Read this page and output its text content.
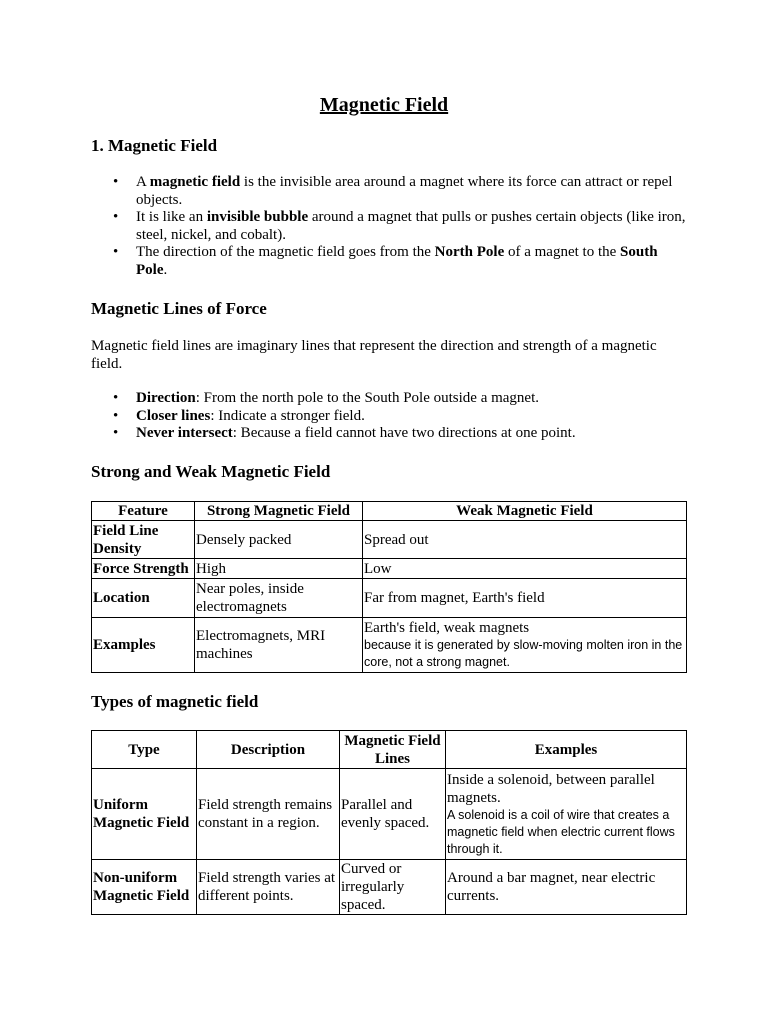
Magnetic Field
1. Magnetic Field
• A magnetic field is the invisible area around a magnet where its force can attract or repel objects.
• It is like an invisible bubble around a magnet that pulls or pushes certain objects (like iron, steel, nickel, and cobalt).
• The direction of the magnetic field goes from the North Pole of a magnet to the South Pole.
Magnetic Lines of Force
Magnetic field lines are imaginary lines that represent the direction and strength of a magnetic field.
• Direction: From the north pole to the South Pole outside a magnet.
• Closer lines: Indicate a stronger field.
• Never intersect: Because a field cannot have two directions at one point.
Strong and Weak Magnetic Field
Feature	Strong Magnetic Field	Weak Magnetic Field
Field Line Density	Densely packed	Spread out
Force Strength	High	Low
Location	Near poles, inside electromagnets	Far from magnet, Earth's field
Examples	Electromagnets, MRI machines	Earth's field, weak magnets
because it is generated by slow-moving molten iron in the core, not a strong magnet.
Types of magnetic field
Type	Description	Magnetic Field Lines	Examples
Uniform Magnetic Field	Field strength remains constant in a region.	Parallel and evenly spaced.	Inside a solenoid, between parallel magnets.
A solenoid is a coil of wire that creates a magnetic field when electric current flows through it.

Non-uniform Magnetic Field	Field strength varies at different points.	Curved or irregularly spaced.	Around a bar magnet, near electric currents.
